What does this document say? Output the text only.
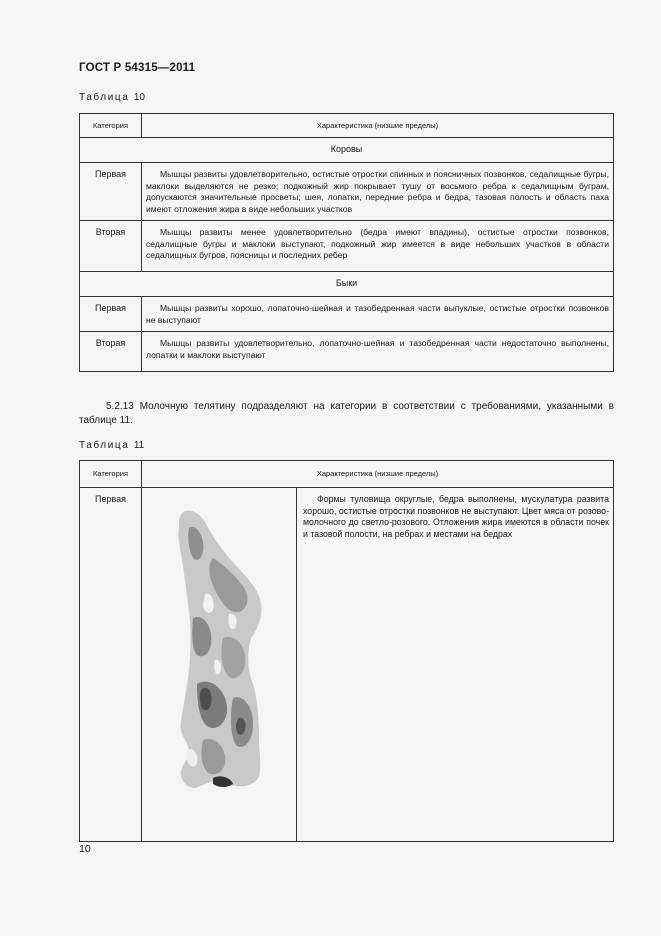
ГОСТ Р 54315—2011
Таблица 10
Категория	Характеристика (низшие пределы)
Коровы	
Первая	Мышцы развиты удовлетворительно, остистые отростки спинных и поясничных позвонков, седалищные бугры, маклоки выделяются не резко; подкожный жир покрывает тушу от восьмого ребра к седалищным буграм, допускаются значительные просветы; шея, лопатки, передние ребра и бедра, тазовая полость и область паха имеют отложения жира в виде небольших участков
Вторая	Мышцы развиты менее удовлетворительно (бедра имеют впадины), остистые отростки позвонков, седалищные бугры и маклоки выступают, подкожный жир имеется в виде небольших участков в области седалищных бугров, поясницы и последних ребер
Быки	
Первая	Мышцы развиты хорошо, лопаточно-шейная и тазобедренная части выпуклые, остистые отростки позвонков не выступают
Вторая	Мышцы развиты удовлетворительно, лопаточно-шейная и тазобедренная части недостаточно выполнены, лопатки и маклоки выступают
5.2.13 Молочную телятину подразделяют на категории в соответствии с требованиями, указанными в таблице 11.
Таблица 11
Категория	Характеристика (низшие пределы)	
Первая		Формы туловища округлые, бедра выполнены, мускулатура развита хорошо, остистые отростки позвонков не выступают. Цвет мяса от розово-молочного до светло-розового. Отложения жира имеются в области почек и тазовой полости, на ребрах и местами на бедрах
10
